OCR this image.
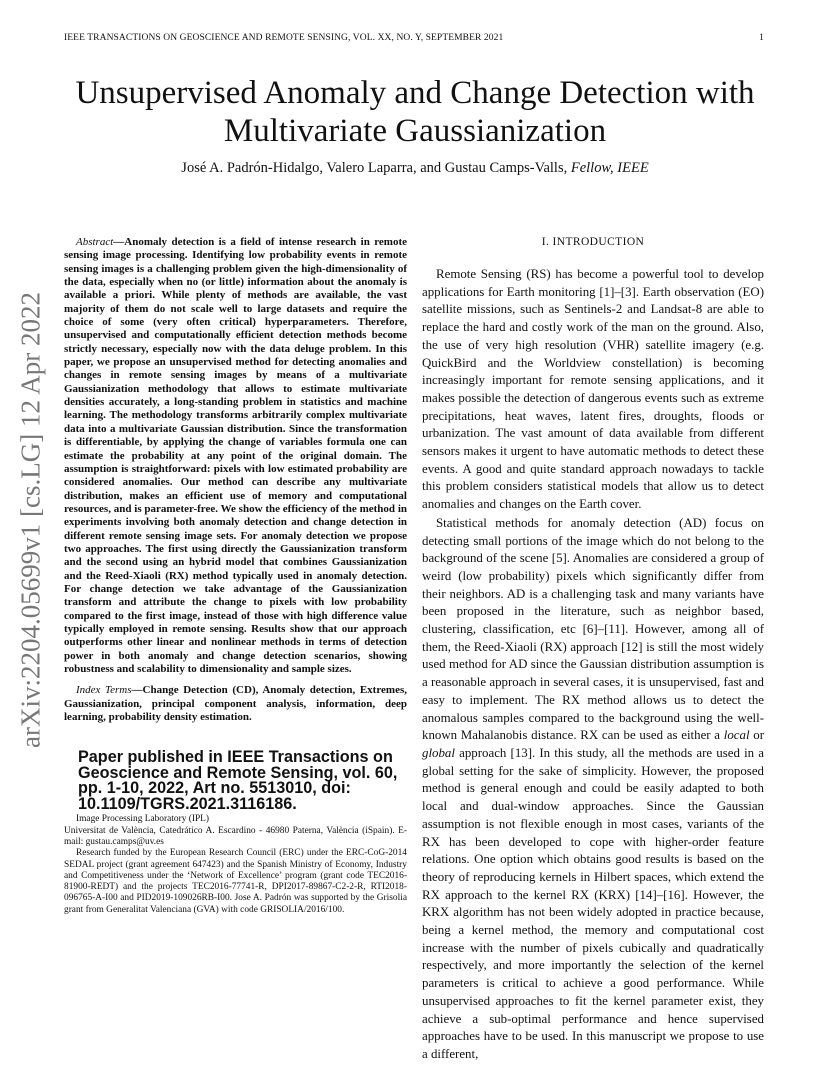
IEEE TRANSACTIONS ON GEOSCIENCE AND REMOTE SENSING, VOL. XX, NO. Y, SEPTEMBER 2021	1
arXiv:2204.05699v1 [cs.LG] 12 Apr 2022
Unsupervised Anomaly and Change Detection with
Multivariate Gaussianization
José A. Padrón-Hidalgo, Valero Laparra, and Gustau Camps-Valls, Fellow, IEEE

Abstract—Anomaly detection is a field of intense research in remote sensing image processing. Identifying low probability events in remote sensing images is a challenging problem given the high-dimensionality of the data, especially when no (or little) information about the anomaly is available a priori. While plenty of methods are available, the vast majority of them do not scale well to large datasets and require the choice of some (very often critical) hyperparameters. Therefore, unsupervised and computationally efficient detection methods become strictly necessary, especially now with the data deluge problem. In this paper, we propose an unsupervised method for detecting anomalies and changes in remote sensing images by means of a multivariate Gaussianization methodology that allows to estimate multivariate densities accurately, a long-standing problem in statistics and machine learning. The methodology transforms arbitrarily complex multivariate data into a multivariate Gaussian distribution. Since the transformation is differentiable, by applying the change of variables formula one can estimate the probability at any point of the original domain. The assumption is straightforward: pixels with low estimated probability are considered anomalies. Our method can describe any multivariate distribution, makes an efficient use of memory and computational resources, and is parameter-free. We show the efficiency of the method in experiments involving both anomaly detection and change detection in different remote sensing image sets. For anomaly detection we propose two approaches. The first using directly the Gaussianization transform and the second using an hybrid model that combines Gaussianization and the Reed-Xiaoli (RX) method typically used in anomaly detection. For change detection we take advantage of the Gaussianization transform and attribute the change to pixels with low probability compared to the first image, instead of those with high difference value typically employed in remote sensing. Results show that our approach outperforms other linear and nonlinear methods in terms of detection power in both anomaly and change detection scenarios, showing robustness and scalability to dimensionality and sample sizes.

Index Terms—Change Detection (CD), Anomaly detection, Extremes, Gaussianization, principal component analysis, information, deep learning, probability density estimation.

Paper published in IEEE Transactions on Geoscience and Remote Sensing, vol. 60, pp. 1-10, 2022, Art no. 5513010, doi: 10.1109/TGRS.2021.3116186.

Image Processing Laboratory (IPL)

Universitat de València, Catedrático A. Escardino - 46980 Paterna, València (iSpain). E-mail: gustau.camps@uv.es

Research funded by the European Research Council (ERC) under the ERC-CoG-2014 SEDAL project (grant agreement 647423) and the Spanish Ministry of Economy, Industry and Competitiveness under the ‘Network of Excellence’ program (grant code TEC2016-81900-REDT) and the projects TEC2016-77741-R, DPI2017-89867-C2-2-R, RTI2018-096765-A-I00 and PID2019-109026RB-I00. Jose A. Padrón was supported by the Grisolia grant from Generalitat Valenciana (GVA) with code GRISOLIA/2016/100.

I. INTRODUCTION

Remote Sensing (RS) has become a powerful tool to develop applications for Earth monitoring [1]–[3]. Earth observation (EO) satellite missions, such as Sentinels-2 and Landsat-8 are able to replace the hard and costly work of the man on the ground. Also, the use of very high resolution (VHR) satellite imagery (e.g. QuickBird and the Worldview constellation) is becoming increasingly important for remote sensing applications, and it makes possible the detection of dangerous events such as extreme precipitations, heat waves, latent fires, droughts, floods or urbanization. The vast amount of data available from different sensors makes it urgent to have automatic methods to detect these events. A good and quite standard approach nowadays to tackle this problem considers statistical models that allow us to detect anomalies and changes on the Earth cover.

Statistical methods for anomaly detection (AD) focus on detecting small portions of the image which do not belong to the background of the scene [5]. Anomalies are considered a group of weird (low probability) pixels which significantly differ from their neighbors. AD is a challenging task and many variants have been proposed in the literature, such as neighbor based, clustering, classification, etc [6]–[11]. However, among all of them, the Reed-Xiaoli (RX) approach [12] is still the most widely used method for AD since the Gaussian distribution assumption is a reasonable approach in several cases, it is unsupervised, fast and easy to implement. The RX method allows us to detect the anomalous samples compared to the background using the well-known Mahalanobis distance. RX can be used as either a local or global approach [13]. In this study, all the methods are used in a global setting for the sake of simplicity. However, the proposed method is general enough and could be easily adapted to both local and dual-window approaches. Since the Gaussian assumption is not flexible enough in most cases, variants of the RX has been developed to cope with higher-order feature relations. One option which obtains good results is based on the theory of reproducing kernels in Hilbert spaces, which extend the RX approach to the kernel RX (KRX) [14]–[16]. However, the KRX algorithm has not been widely adopted in practice because, being a kernel method, the memory and computational cost increase with the number of pixels cubically and quadratically respectively, and more importantly the selection of the kernel parameters is critical to achieve a good performance. While unsupervised approaches to fit the kernel parameter exist, they achieve a sub-optimal performance and hence supervised approaches have to be used. In this manuscript we propose to use a different,
